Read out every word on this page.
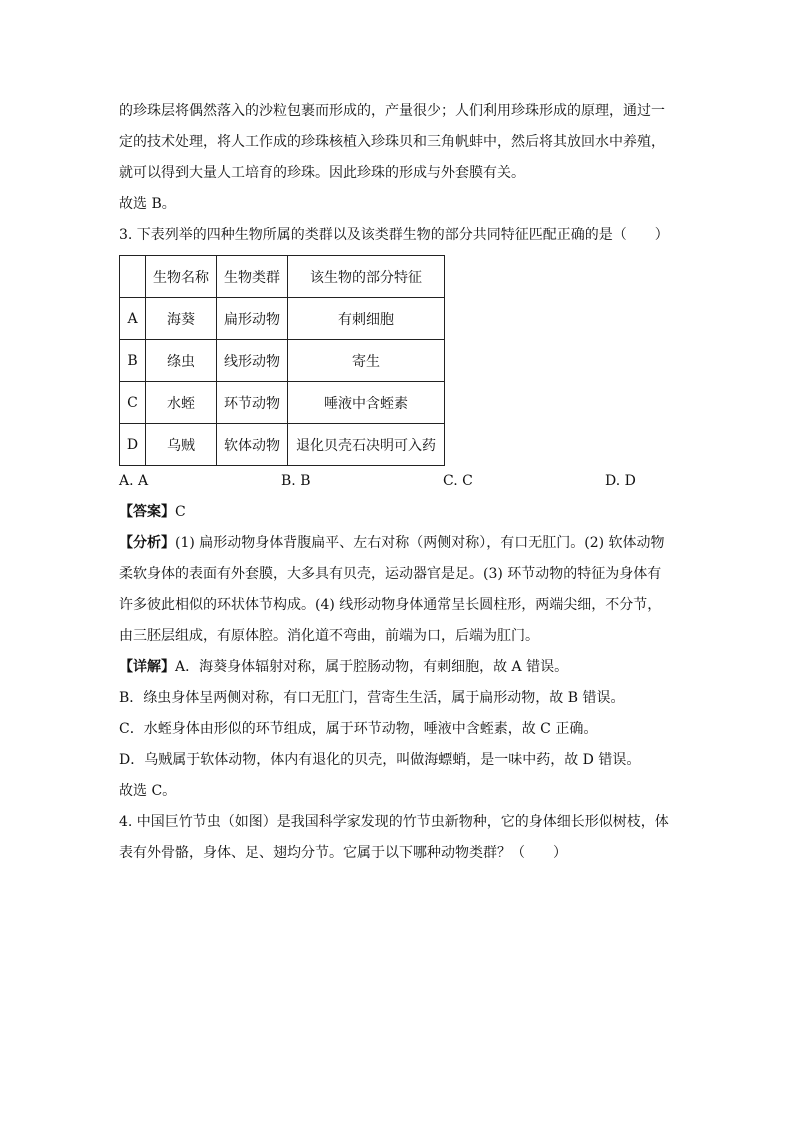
的珍珠层将偶然落入的沙粒包裹而形成的，产量很少；人们利用珍珠形成的原理，通过一
定的技术处理，将人工作成的珍珠核植入珍珠贝和三角帆蚌中，然后将其放回水中养殖，
就可以得到大量人工培育的珍珠。因此珍珠的形成与外套膜有关。
故选 B。
3. 下表列举的四种生物所属的类群以及该类群生物的部分共同特征匹配正确的是（　　）
	生物名称	生物类群	该生物的部分特征
A	海葵	扁形动物	有刺细胞
B	绦虫	线形动物	寄生
C	水蛭	环节动物	唾液中含蛭素
D	乌贼	软体动物	退化贝壳石决明可入药
A. A	B. B	C. C	D. D
【答案】C
【分析】(1) 扁形动物身体背腹扁平、左右对称（两侧对称），有口无肛门。(2) 软体动物
柔软身体的表面有外套膜，大多具有贝壳，运动器官是足。(3) 环节动物的特征为身体有
许多彼此相似的环状体节构成。(4) 线形动物身体通常呈长圆柱形，两端尖细，不分节，
由三胚层组成，有原体腔。消化道不弯曲，前端为口，后端为肛门。
【详解】A．海葵身体辐射对称，属于腔肠动物，有刺细胞，故 A 错误。
B．绦虫身体呈两侧对称，有口无肛门，营寄生生活，属于扁形动物，故 B 错误。
C．水蛭身体由形似的环节组成，属于环节动物，唾液中含蛭素，故 C 正确。
D．乌贼属于软体动物，体内有退化的贝壳，叫做海螵蛸，是一味中药，故 D 错误。
故选 C。
4. 中国巨竹节虫（如图）是我国科学家发现的竹节虫新物种，它的身体细长形似树枝，体
表有外骨骼，身体、足、翅均分节。它属于以下哪种动物类群？（　　）
